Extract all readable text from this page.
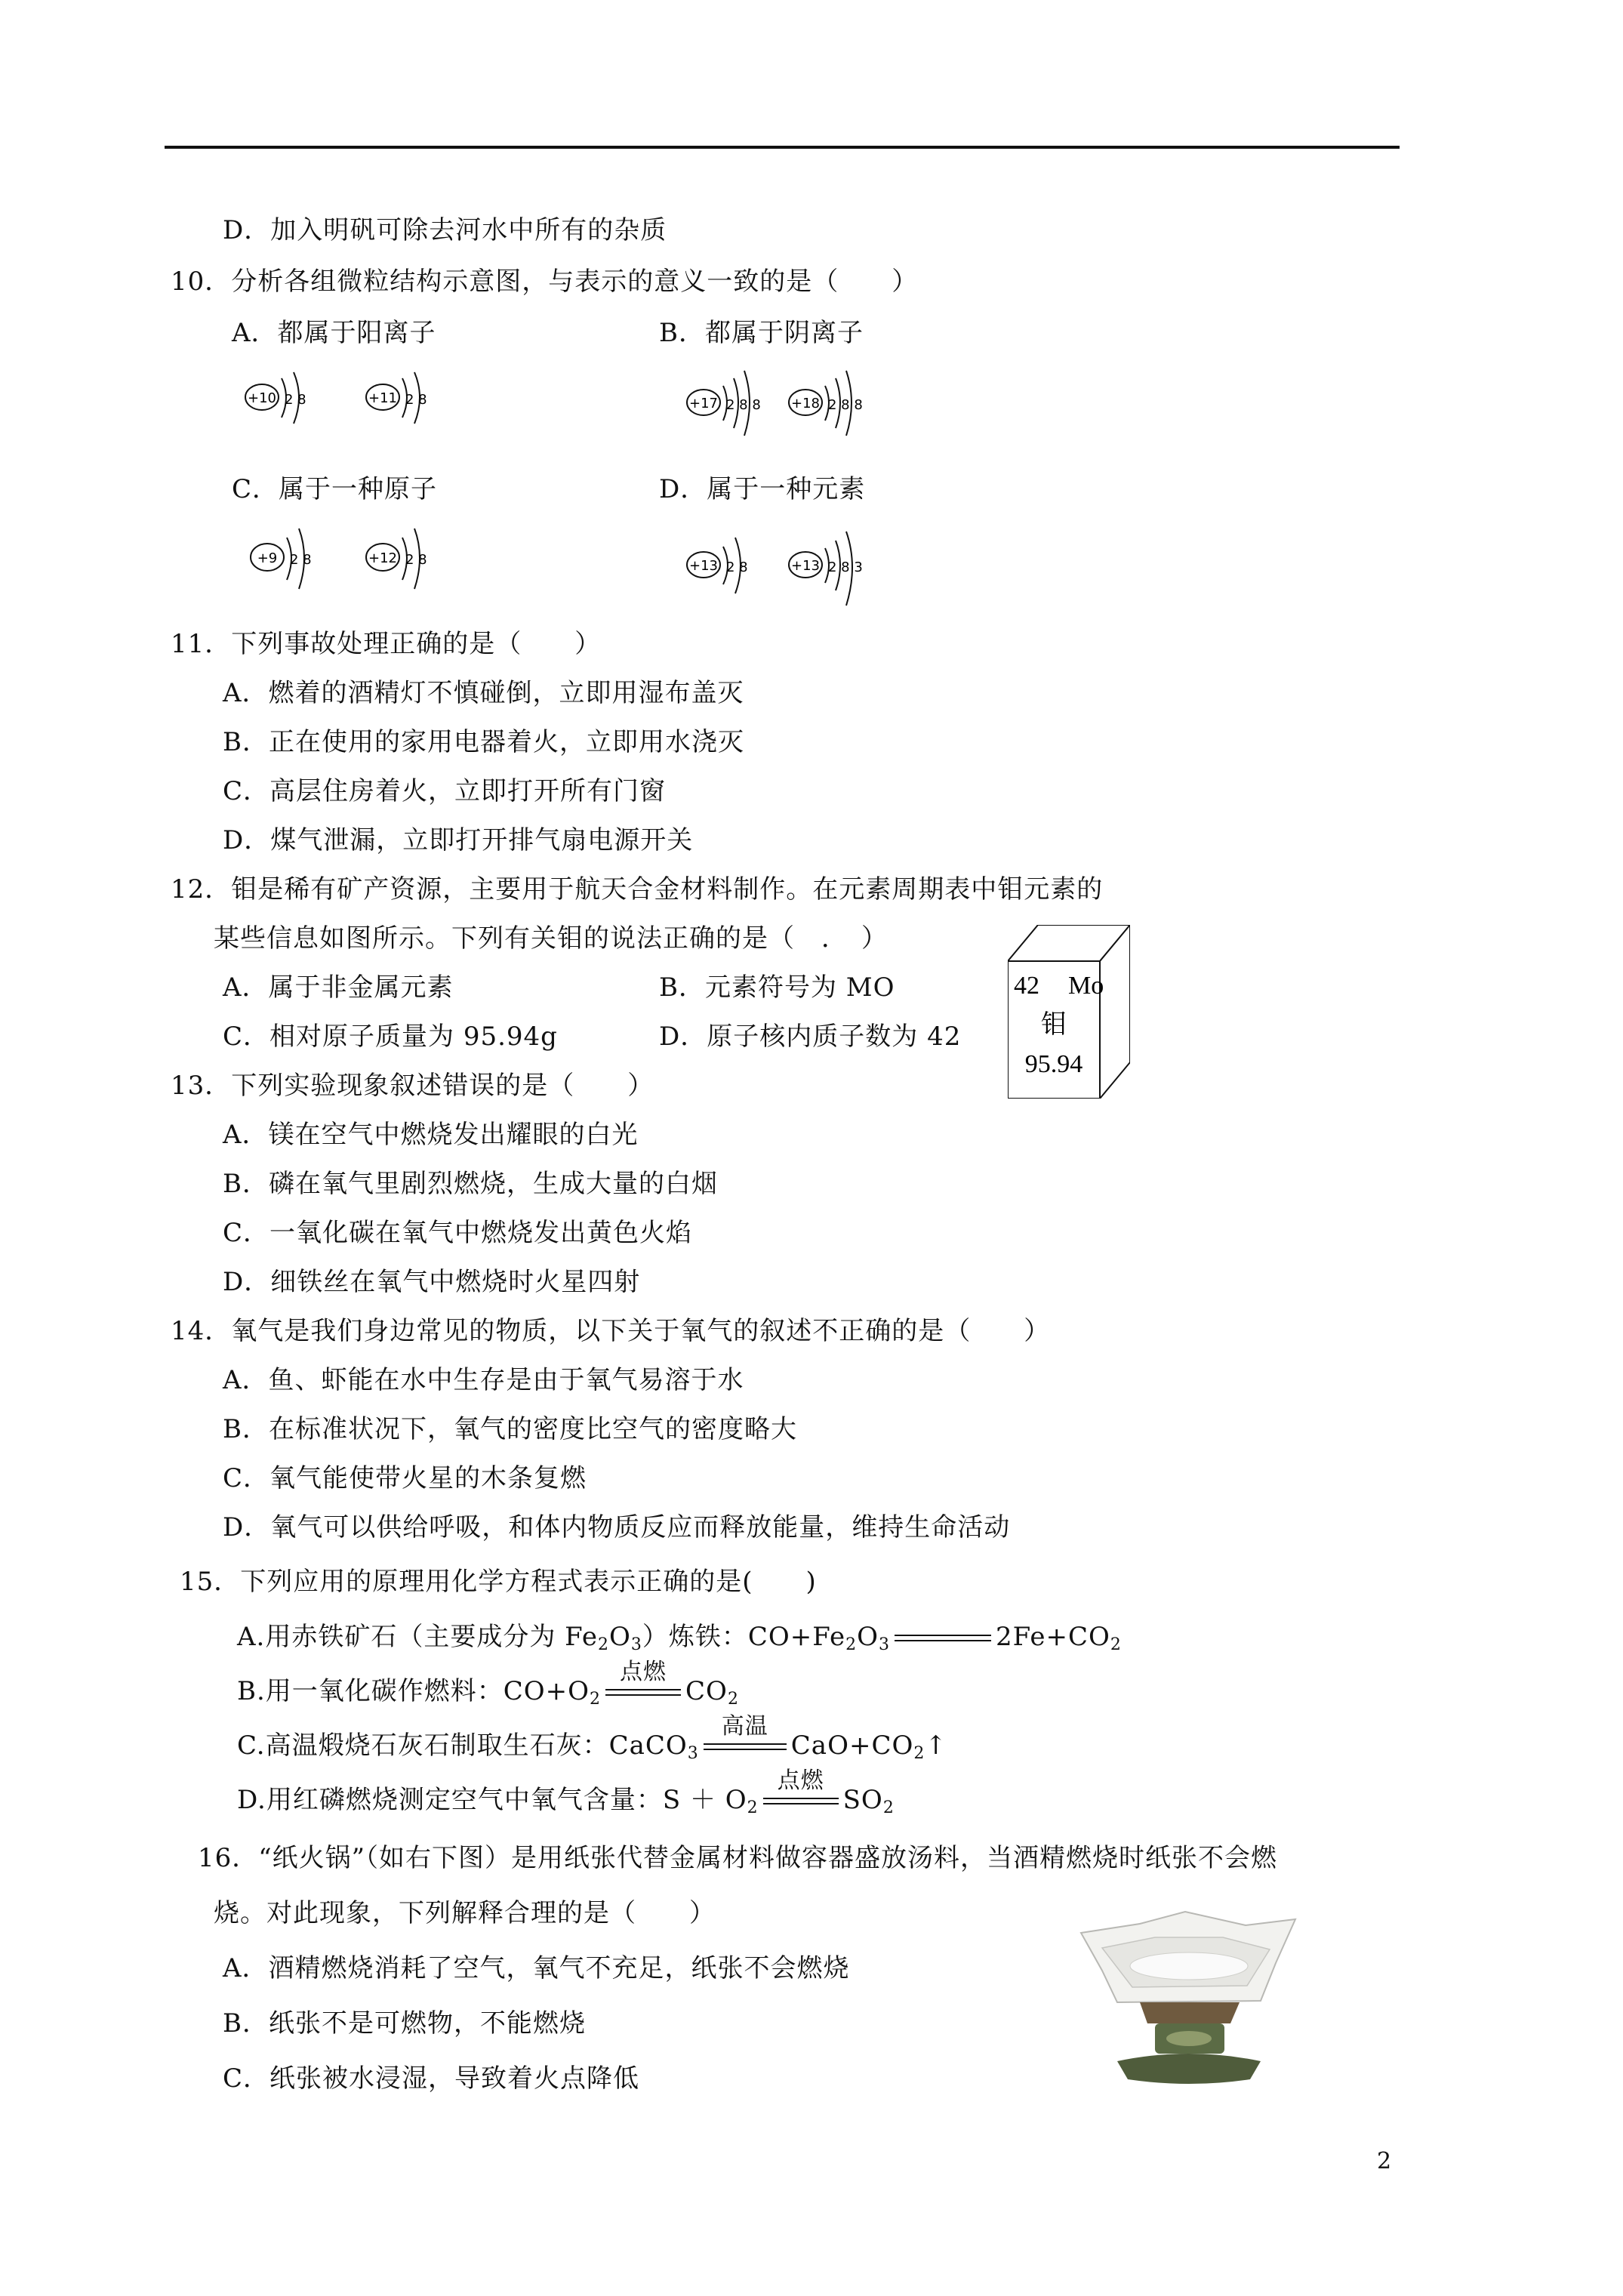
D．加入明矾可除去河水中所有的杂质
10．分析各组微粒结构示意图，与表示的意义一致的是（　　）
A．都属于阳离子	B．都属于阴离子
+10 2 8	+11 2 8	+17 2 8 8 +18 2 8 8
C．属于一种原子	D．属于一种元素
+9 2 8	+12 2 8	+13 2 8	+13 2 8 3
11．下列事故处理正确的是（　　）
A．燃着的酒精灯不慎碰倒，立即用湿布盖灭
B．正在使用的家用电器着火，立即用水浇灭
C．高层住房着火，立即打开所有门窗
D．煤气泄漏，立即打开排气扇电源开关
12．钼是稀有矿产资源，主要用于航天合金材料制作。在元素周期表中钼元素的
某些信息如图所示。下列有关钼的说法正确的是（　．　）
A．属于非金属元素	B．元素符号为 MO
C．相对原子质量为 95.94g	D．原子核内质子数为 42
42 Mo
钼
95.94
13．下列实验现象叙述错误的是（　　）
A．镁在空气中燃烧发出耀眼的白光
B．磷在氧气里剧烈燃烧，生成大量的白烟
C．一氧化碳在氧气中燃烧发出黄色火焰
D．细铁丝在氧气中燃烧时火星四射
14．氧气是我们身边常见的物质，以下关于氧气的叙述不正确的是（　　）
A．鱼、虾能在水中生存是由于氧气易溶于水
B．在标准状况下，氧气的密度比空气的密度略大
C．氧气能使带火星的木条复燃
D．氧气可以供给呼吸，和体内物质反应而释放能量，维持生命活动
15．下列应用的原理用化学方程式表示正确的是(　　)
A.用赤铁矿石（主要成分为 $Fe_2O_3$）炼铁：$CO+Fe_2O_3$	$2Fe+CO_2$
B.用一氧化碳作燃料：$CO+O_2$
点燃
$CO_2$
C.高温煅烧石灰石制取生石灰：CaCO$_3$
高温
$CaO+CO_2↑$
D.用红磷燃烧测定空气中氧气含量：$S + O_2$
点燃
$SO_2$
16．“纸火锅”（如右下图）是用纸张代替金属材料做容器盛放汤料，当酒精燃烧时纸张不会燃
烧。对此现象，下列解释合理的是（　　）
A．酒精燃烧消耗了空气，氧气不充足，纸张不会燃烧
B．纸张不是可燃物，不能燃烧
C．纸张被水浸湿，导致着火点降低
2
